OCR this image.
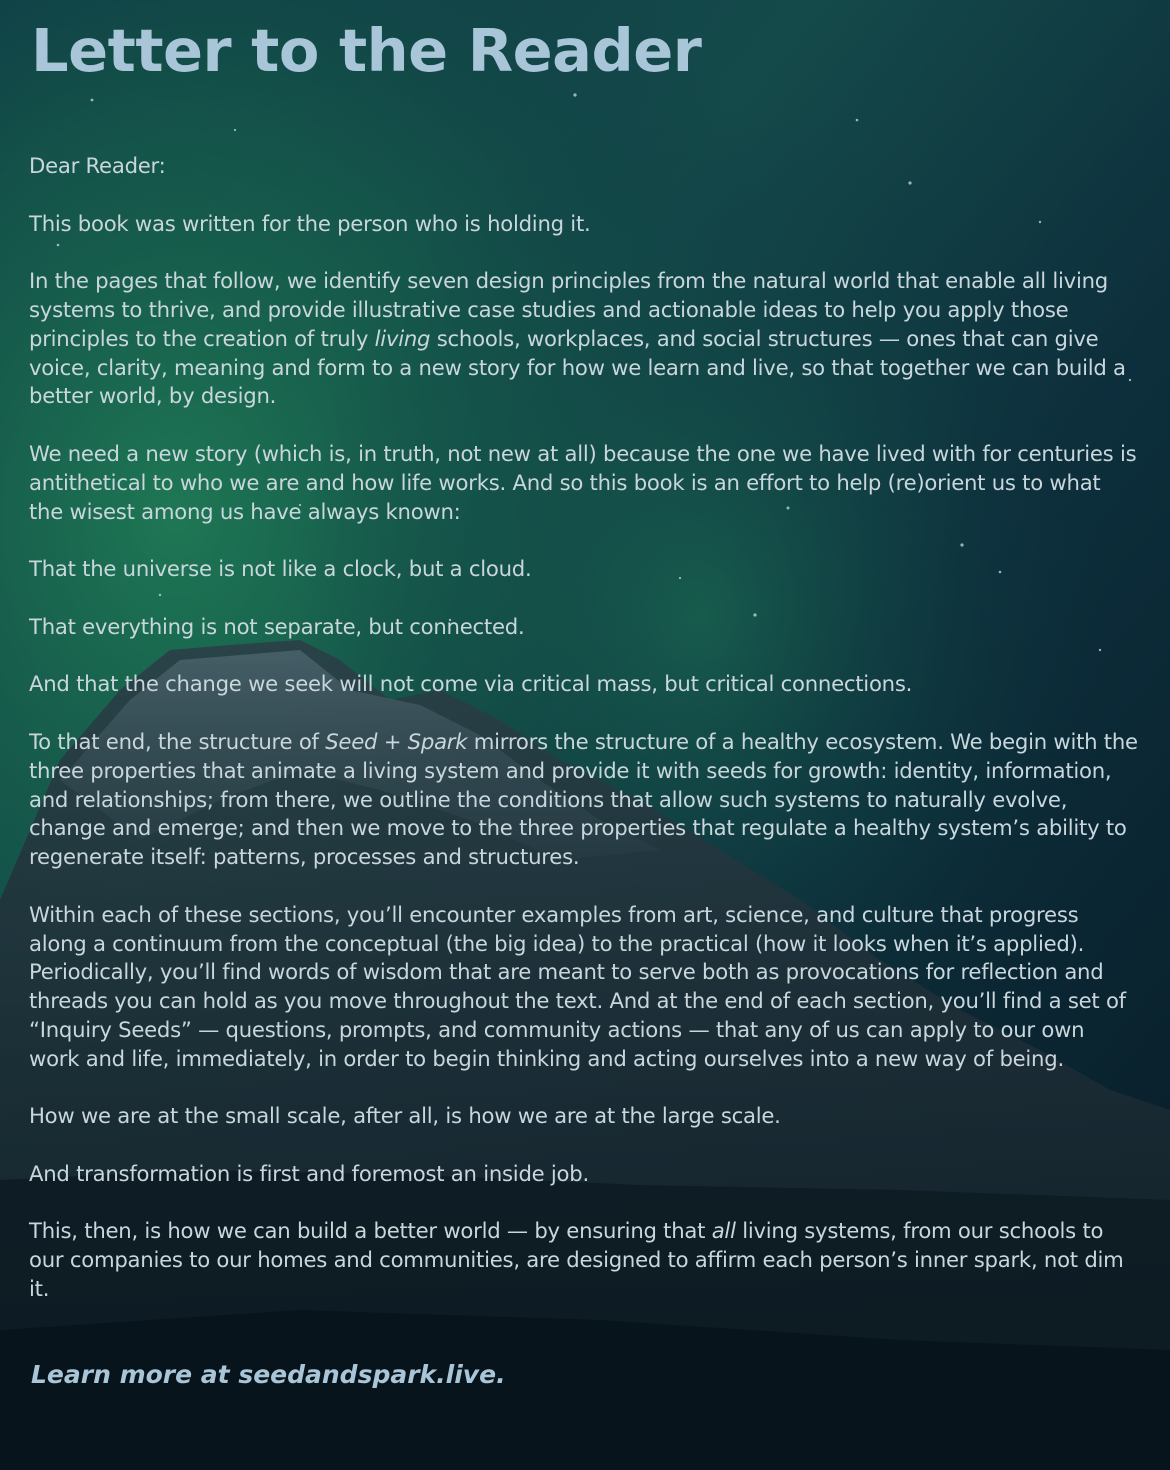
Letter to the Reader

Dear Reader:

This book was written for the person who is holding it.

In the pages that follow, we identify seven design principles from the natural world that enable all living systems to thrive, and provide illustrative case studies and actionable ideas to help you apply those principles to the creation of truly living schools, workplaces, and social structures — ones that can give voice, clarity, meaning and form to a new story for how we learn and live, so that together we can build a better world, by design.

We need a new story (which is, in truth, not new at all) because the one we have lived with for centuries is antithetical to who we are and how life works. And so this book is an effort to help (re)orient us to what the wisest among us have always known:

That the universe is not like a clock, but a cloud.

That everything is not separate, but connected.

And that the change we seek will not come via critical mass, but critical connections.

To that end, the structure of Seed + Spark mirrors the structure of a healthy ecosystem. We begin with the three properties that animate a living system and provide it with seeds for growth: identity, information, and relationships; from there, we outline the conditions that allow such systems to naturally evolve, change and emerge; and then we move to the three properties that regulate a healthy system’s ability to regenerate itself: patterns, processes and structures.

Within each of these sections, you’ll encounter examples from art, science, and culture that progress along a continuum from the conceptual (the big idea) to the practical (how it looks when it’s applied). Periodically, you’ll find words of wisdom that are meant to serve both as provocations for reflection and threads you can hold as you move throughout the text. And at the end of each section, you’ll find a set of “Inquiry Seeds” — questions, prompts, and community actions — that any of us can apply to our own work and life, immediately, in order to begin thinking and acting ourselves into a new way of being.

How we are at the small scale, after all, is how we are at the large scale.

And transformation is first and foremost an inside job.

This, then, is how we can build a better world — by ensuring that all living systems, from our schools to our companies to our homes and communities, are designed to affirm each person’s inner spark, not dim it.

Learn more at seedandspark.live.
